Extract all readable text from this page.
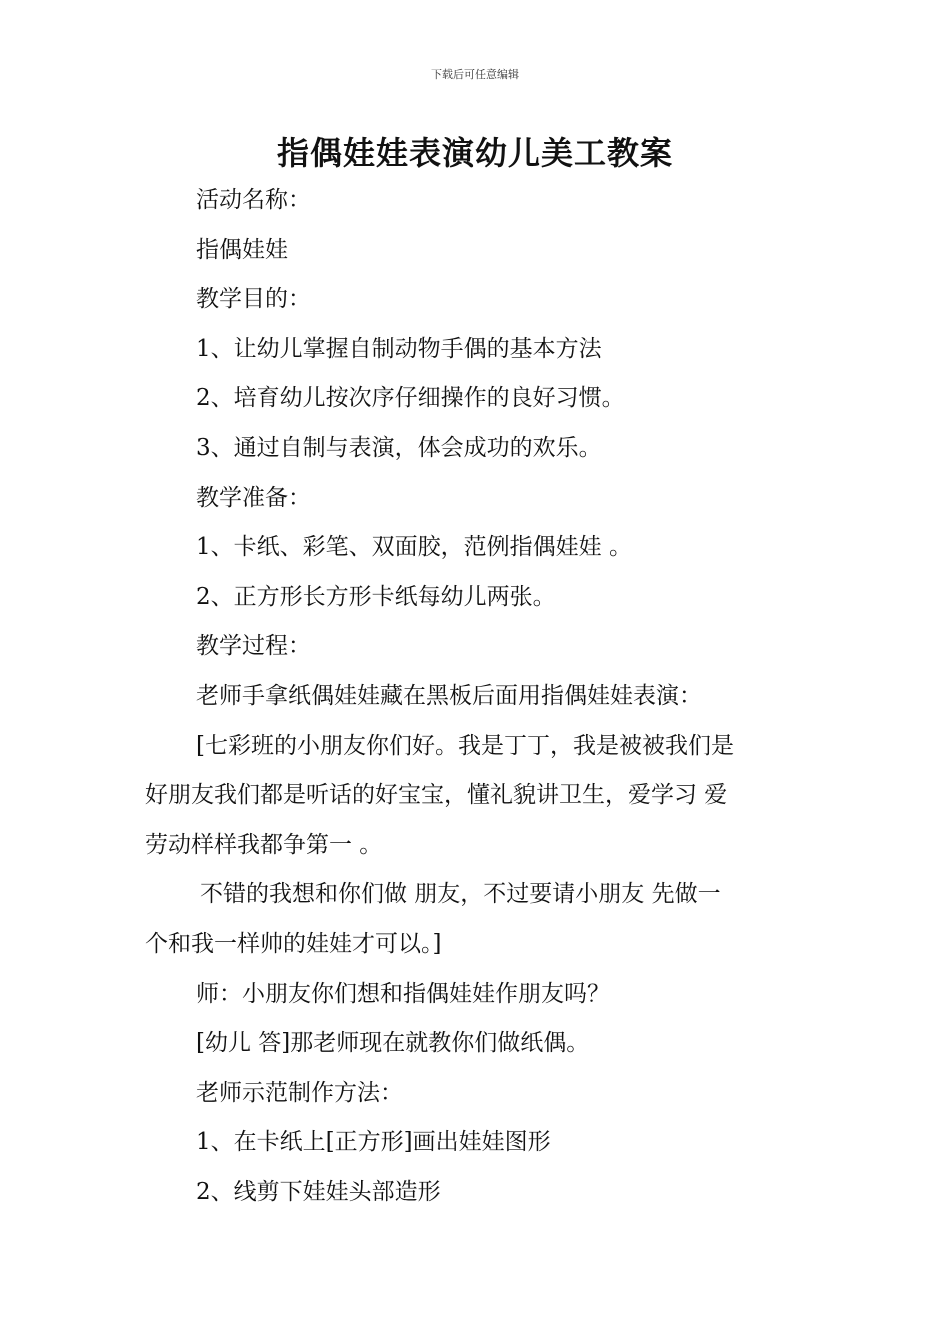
下载后可任意编辑
指偶娃娃表演幼儿美工教案

活动名称：

指偶娃娃

教学目的：

1、让幼儿掌握自制动物手偶的基本方法

2、培育幼儿按次序仔细操作的良好习惯。

3、通过自制与表演，体会成功的欢乐。

教学准备：

1、卡纸、彩笔、双面胶，范例指偶娃娃 。

2、正方形长方形卡纸每幼儿两张。

教学过程：

老师手拿纸偶娃娃藏在黑板后面用指偶娃娃表演：

[七彩班的小朋友你们好。我是丁丁，我是被被我们是

好朋友我们都是听话的好宝宝，懂礼貌讲卫生，爱学习 爱

劳动样样我都争第一 。

不错的我想和你们做 朋友，不过要请小朋友 先做一

个和我一样帅的娃娃才可以。]

师：小朋友你们想和指偶娃娃作朋友吗？

[幼儿 答]那老师现在就教你们做纸偶。

老师示范制作方法：

1、在卡纸上[正方形]画出娃娃图形

2、线剪下娃娃头部造形
